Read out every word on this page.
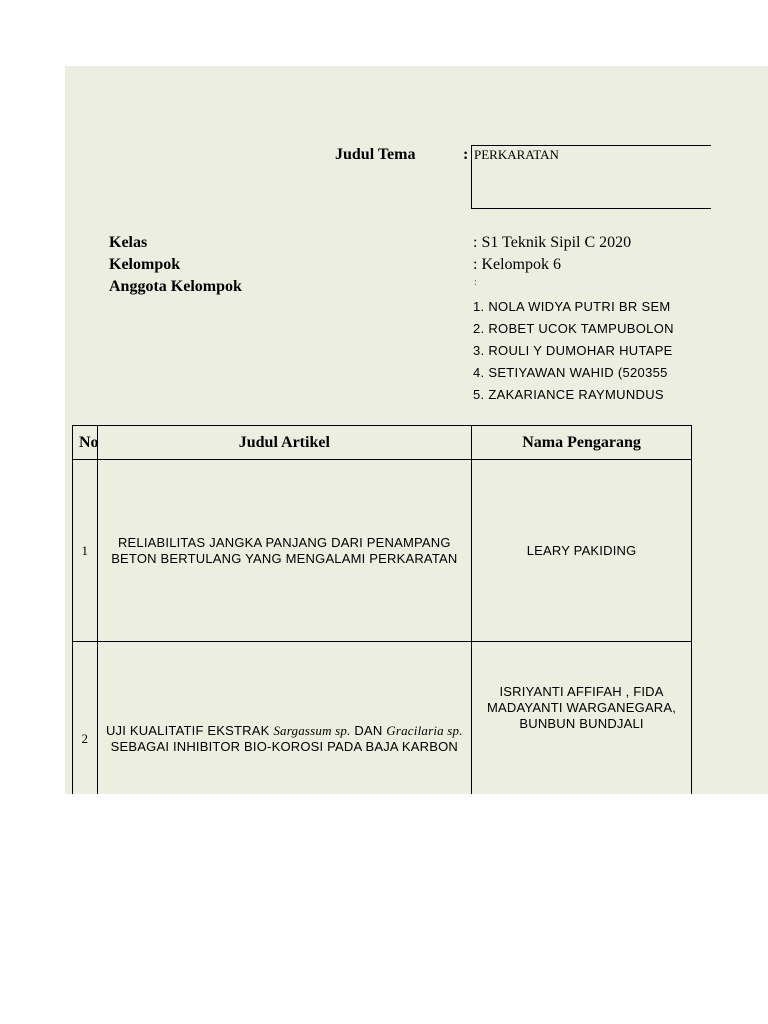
Judul Tema	: PERKARATAN
Kelas	: S1 Teknik Sipil C 2020
Kelompok	: Kelompok 6
Anggota Kelompok	:
1. NOLA WIDYA PUTRI BR SEM
2. ROBET UCOK TAMPUBOLON
3. ROULI Y DUMOHAR HUTAPE
4. SETIYAWAN WAHID (520355
5. ZAKARIANCE RAYMUNDUS
No	Judul Artikel	Nama Pengarang
1	RELIABILITAS JANGKA PANJANG DARI PENAMPANG BETON BERTULANG YANG MENGALAMI PERKARATAN	LEARY PAKIDING
2	UJI KUALITATIF EKSTRAK Sargassum sp. DAN Gracilaria sp. SEBAGAI INHIBITOR BIO-KOROSI PADA BAJA KARBON	ISRIYANTI AFFIFAH , FIDA MADAYANTI WARGANEGARA, BUNBUN BUNDJALI
